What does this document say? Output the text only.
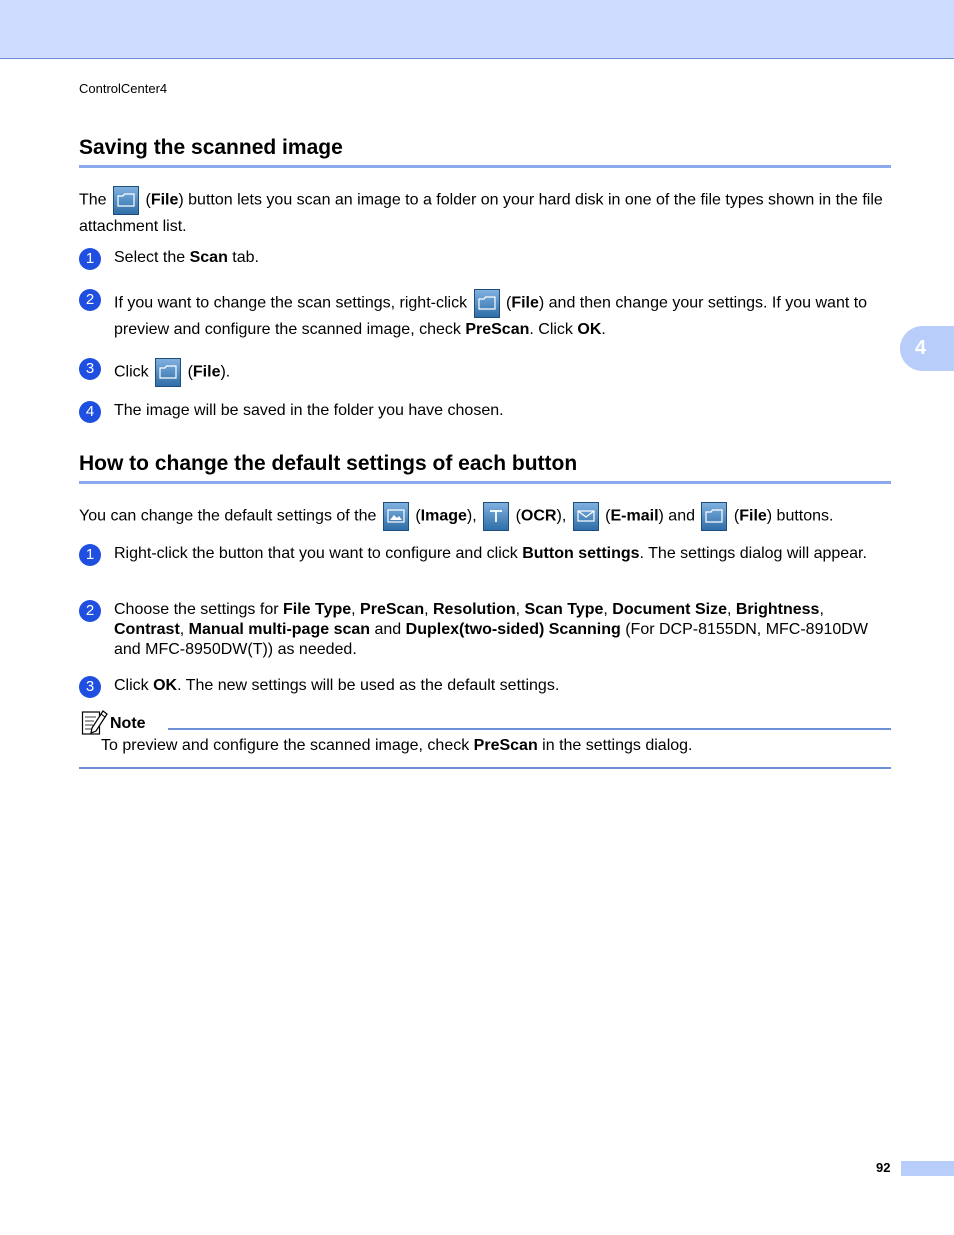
ControlCenter4
4
Saving the scanned image

The
(File) button lets you scan an image to a folder on your hard disk in one of the file types shown in the file attachment list.

1	Select the Scan tab.
2	If you want to change the scan settings, right-click
(File) and then change your settings. If you want to preview and configure the scanned image, check PreScan. Click OK.
3	Click
(File).
4	The image will be saved in the folder you have chosen.
How to change the default settings of each button

You can change the default settings of the
(Image),
(OCR),
(E-mail) and
(File) buttons.

1	Right-click the button that you want to configure and click Button settings. The settings dialog will appear.
2	Choose the settings for File Type, PreScan, Resolution, Scan Type, Document Size, Brightness, Contrast, Manual multi-page scan and Duplex(two-sided) Scanning (For DCP-8155DN, MFC-8910DW and MFC-8950DW(T)) as needed.
3	Click OK. The new settings will be used as the default settings.
Note
To preview and configure the scanned image, check PreScan in the settings dialog.
92
